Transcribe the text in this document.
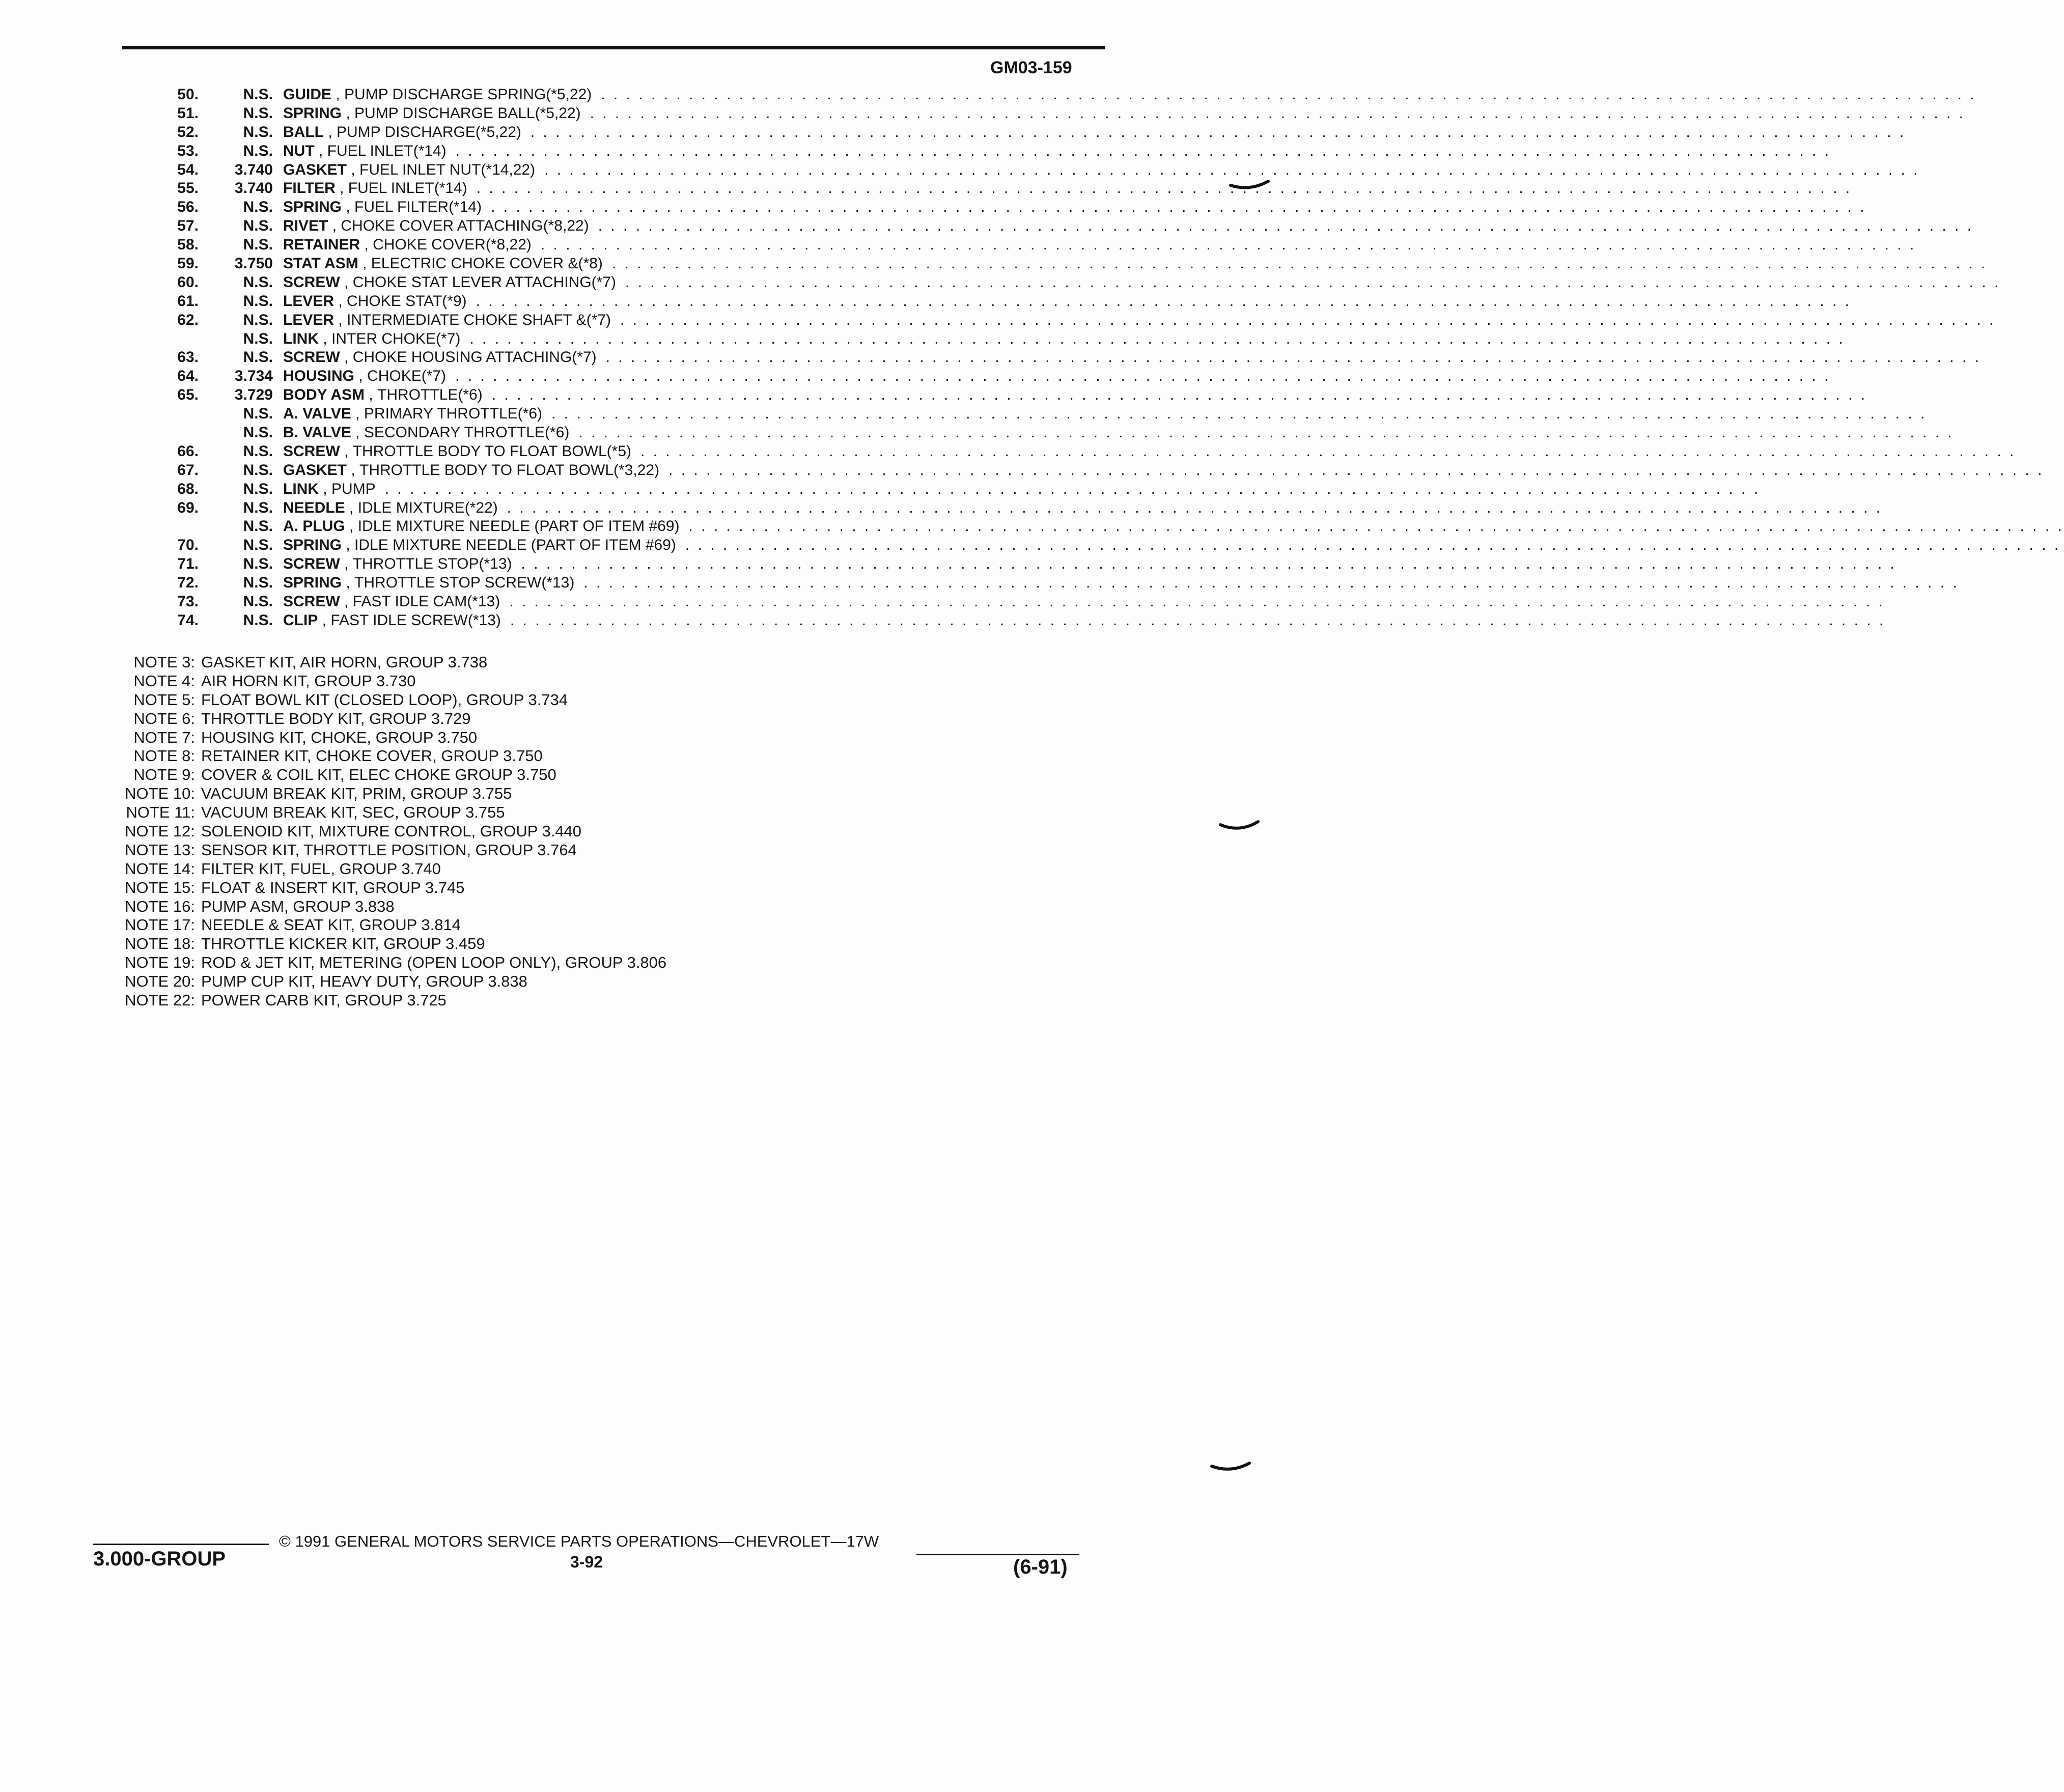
GM03-159
50.	N.S. GUIDE , PUMP DISCHARGE SPRING(*5,22) . . . . . . . . . . . . . . . . . . . . . . . . . . . . . . . . . . . . . . . . . . . . . . . . . . . . . . . . . . . . . . . . . . . . . . . . . . . . . . . . . . . . . . . . . . . . . . . . . . . . . . . . . . . . . .
51.	N.S. SPRING , PUMP DISCHARGE BALL(*5,22) . . . . . . . . . . . . . . . . . . . . . . . . . . . . . . . . . . . . . . . . . . . . . . . . . . . . . . . . . . . . . . . . . . . . . . . . . . . . . . . . . . . . . . . . . . . . . . . . . . . . . . . . . . . . . .
52.	N.S. BALL , PUMP DISCHARGE(*5,22) . . . . . . . . . . . . . . . . . . . . . . . . . . . . . . . . . . . . . . . . . . . . . . . . . . . . . . . . . . . . . . . . . . . . . . . . . . . . . . . . . . . . . . . . . . . . . . . . . . . . . . . . . . . . . .
53.	N.S. NUT , FUEL INLET(*14) . . . . . . . . . . . . . . . . . . . . . . . . . . . . . . . . . . . . . . . . . . . . . . . . . . . . . . . . . . . . . . . . . . . . . . . . . . . . . . . . . . . . . . . . . . . . . . . . . . . . . . . . . . . . . .
54.	3.740 GASKET , FUEL INLET NUT(*14,22) . . . . . . . . . . . . . . . . . . . . . . . . . . . . . . . . . . . . . . . . . . . . . . . . . . . . . . . . . . . . . . . . . . . . . . . . . . . . . . . . . . . . . . . . . . . . . . . . . . . . . . . . . . . . . .
55.	3.740 FILTER , FUEL INLET(*14) . . . . . . . . . . . . . . . . . . . . . . . . . . . . . . . . . . . . . . . . . . . . . . . . . . . . . . . . . . . . . . . . . . . . . . . . . . . . . . . . . . . . . . . . . . . . . . . . . . . . . . . . . . . . . .
56.	N.S. SPRING , FUEL FILTER(*14) . . . . . . . . . . . . . . . . . . . . . . . . . . . . . . . . . . . . . . . . . . . . . . . . . . . . . . . . . . . . . . . . . . . . . . . . . . . . . . . . . . . . . . . . . . . . . . . . . . . . . . . . . . . . . .
57.	N.S. RIVET , CHOKE COVER ATTACHING(*8,22) . . . . . . . . . . . . . . . . . . . . . . . . . . . . . . . . . . . . . . . . . . . . . . . . . . . . . . . . . . . . . . . . . . . . . . . . . . . . . . . . . . . . . . . . . . . . . . . . . . . . . . . . . . . . . .
58.	N.S. RETAINER , CHOKE COVER(*8,22) . . . . . . . . . . . . . . . . . . . . . . . . . . . . . . . . . . . . . . . . . . . . . . . . . . . . . . . . . . . . . . . . . . . . . . . . . . . . . . . . . . . . . . . . . . . . . . . . . . . . . . . . . . . . . .
59.	3.750 STAT ASM , ELECTRIC CHOKE COVER &(*8) . . . . . . . . . . . . . . . . . . . . . . . . . . . . . . . . . . . . . . . . . . . . . . . . . . . . . . . . . . . . . . . . . . . . . . . . . . . . . . . . . . . . . . . . . . . . . . . . . . . . . . . . . . . . . .
60.	N.S. SCREW , CHOKE STAT LEVER ATTACHING(*7) . . . . . . . . . . . . . . . . . . . . . . . . . . . . . . . . . . . . . . . . . . . . . . . . . . . . . . . . . . . . . . . . . . . . . . . . . . . . . . . . . . . . . . . . . . . . . . . . . . . . . . . . . . . . . .
61.	N.S. LEVER , CHOKE STAT(*9) . . . . . . . . . . . . . . . . . . . . . . . . . . . . . . . . . . . . . . . . . . . . . . . . . . . . . . . . . . . . . . . . . . . . . . . . . . . . . . . . . . . . . . . . . . . . . . . . . . . . . . . . . . . . . .
62.	N.S. LEVER , INTERMEDIATE CHOKE SHAFT &(*7) . . . . . . . . . . . . . . . . . . . . . . . . . . . . . . . . . . . . . . . . . . . . . . . . . . . . . . . . . . . . . . . . . . . . . . . . . . . . . . . . . . . . . . . . . . . . . . . . . . . . . . . . . . . . . .
N.S. LINK , INTER CHOKE(*7) . . . . . . . . . . . . . . . . . . . . . . . . . . . . . . . . . . . . . . . . . . . . . . . . . . . . . . . . . . . . . . . . . . . . . . . . . . . . . . . . . . . . . . . . . . . . . . . . . . . . . . . . . . . . . .
63.	N.S. SCREW , CHOKE HOUSING ATTACHING(*7) . . . . . . . . . . . . . . . . . . . . . . . . . . . . . . . . . . . . . . . . . . . . . . . . . . . . . . . . . . . . . . . . . . . . . . . . . . . . . . . . . . . . . . . . . . . . . . . . . . . . . . . . . . . . . .
64.	3.734 HOUSING , CHOKE(*7) . . . . . . . . . . . . . . . . . . . . . . . . . . . . . . . . . . . . . . . . . . . . . . . . . . . . . . . . . . . . . . . . . . . . . . . . . . . . . . . . . . . . . . . . . . . . . . . . . . . . . . . . . . . . . .
65.	3.729 BODY ASM , THROTTLE(*6) . . . . . . . . . . . . . . . . . . . . . . . . . . . . . . . . . . . . . . . . . . . . . . . . . . . . . . . . . . . . . . . . . . . . . . . . . . . . . . . . . . . . . . . . . . . . . . . . . . . . . . . . . . . . . .
N.S. A. VALVE , PRIMARY THROTTLE(*6) . . . . . . . . . . . . . . . . . . . . . . . . . . . . . . . . . . . . . . . . . . . . . . . . . . . . . . . . . . . . . . . . . . . . . . . . . . . . . . . . . . . . . . . . . . . . . . . . . . . . . . . . . . . . . .
N.S. B. VALVE , SECONDARY THROTTLE(*6) . . . . . . . . . . . . . . . . . . . . . . . . . . . . . . . . . . . . . . . . . . . . . . . . . . . . . . . . . . . . . . . . . . . . . . . . . . . . . . . . . . . . . . . . . . . . . . . . . . . . . . . . . . . . . .
66.	N.S. SCREW , THROTTLE BODY TO FLOAT BOWL(*5) . . . . . . . . . . . . . . . . . . . . . . . . . . . . . . . . . . . . . . . . . . . . . . . . . . . . . . . . . . . . . . . . . . . . . . . . . . . . . . . . . . . . . . . . . . . . . . . . . . . . . . . . . . . . . .
67.	N.S. GASKET , THROTTLE BODY TO FLOAT BOWL(*3,22) . . . . . . . . . . . . . . . . . . . . . . . . . . . . . . . . . . . . . . . . . . . . . . . . . . . . . . . . . . . . . . . . . . . . . . . . . . . . . . . . . . . . . . . . . . . . . . . . . . . . . . . . . . . . . .
68.	N.S. LINK , PUMP . . . . . . . . . . . . . . . . . . . . . . . . . . . . . . . . . . . . . . . . . . . . . . . . . . . . . . . . . . . . . . . . . . . . . . . . . . . . . . . . . . . . . . . . . . . . . . . . . . . . . . . . . . . . . .
69.	N.S. NEEDLE , IDLE MIXTURE(*22) . . . . . . . . . . . . . . . . . . . . . . . . . . . . . . . . . . . . . . . . . . . . . . . . . . . . . . . . . . . . . . . . . . . . . . . . . . . . . . . . . . . . . . . . . . . . . . . . . . . . . . . . . . . . . .
N.S. A. PLUG , IDLE MIXTURE NEEDLE (PART OF ITEM #69) . . . . . . . . . . . . . . . . . . . . . . . . . . . . . . . . . . . . . . . . . . . . . . . . . . . . . . . . . . . . . . . . . . . . . . . . . . . . . . . . . . . . . . . . . . . . . . . . . . . . . . . . . . . . . .
70.	N.S. SPRING , IDLE MIXTURE NEEDLE (PART OF ITEM #69) . . . . . . . . . . . . . . . . . . . . . . . . . . . . . . . . . . . . . . . . . . . . . . . . . . . . . . . . . . . . . . . . . . . . . . . . . . . . . . . . . . . . . . . . . . . . . . . . . . . . . . . . . . . . . .
71.	N.S. SCREW , THROTTLE STOP(*13) . . . . . . . . . . . . . . . . . . . . . . . . . . . . . . . . . . . . . . . . . . . . . . . . . . . . . . . . . . . . . . . . . . . . . . . . . . . . . . . . . . . . . . . . . . . . . . . . . . . . . . . . . . . . . .
72.	N.S. SPRING , THROTTLE STOP SCREW(*13) . . . . . . . . . . . . . . . . . . . . . . . . . . . . . . . . . . . . . . . . . . . . . . . . . . . . . . . . . . . . . . . . . . . . . . . . . . . . . . . . . . . . . . . . . . . . . . . . . . . . . . . . . . . . . .
73.	N.S. SCREW , FAST IDLE CAM(*13) . . . . . . . . . . . . . . . . . . . . . . . . . . . . . . . . . . . . . . . . . . . . . . . . . . . . . . . . . . . . . . . . . . . . . . . . . . . . . . . . . . . . . . . . . . . . . . . . . . . . . . . . . . . . . .
74.	N.S. CLIP , FAST IDLE SCREW(*13) . . . . . . . . . . . . . . . . . . . . . . . . . . . . . . . . . . . . . . . . . . . . . . . . . . . . . . . . . . . . . . . . . . . . . . . . . . . . . . . . . . . . . . . . . . . . . . . . . . . . . . . . . . . . . .
NOTE 3: GASKET KIT, AIR HORN, GROUP 3.738
NOTE 4: AIR HORN KIT, GROUP 3.730
NOTE 5: FLOAT BOWL KIT (CLOSED LOOP), GROUP 3.734
NOTE 6: THROTTLE BODY KIT, GROUP 3.729
NOTE 7: HOUSING KIT, CHOKE, GROUP 3.750
NOTE 8: RETAINER KIT, CHOKE COVER, GROUP 3.750
NOTE 9: COVER & COIL KIT, ELEC CHOKE GROUP 3.750
NOTE 10: VACUUM BREAK KIT, PRIM, GROUP 3.755
NOTE 11: VACUUM BREAK KIT, SEC, GROUP 3.755
NOTE 12: SOLENOID KIT, MIXTURE CONTROL, GROUP 3.440
NOTE 13: SENSOR KIT, THROTTLE POSITION, GROUP 3.764
NOTE 14: FILTER KIT, FUEL, GROUP 3.740
NOTE 15: FLOAT & INSERT KIT, GROUP 3.745
NOTE 16: PUMP ASM, GROUP 3.838
NOTE 17: NEEDLE & SEAT KIT, GROUP 3.814
NOTE 18: THROTTLE KICKER KIT, GROUP 3.459
NOTE 19: ROD & JET KIT, METERING (OPEN LOOP ONLY), GROUP 3.806
NOTE 20: PUMP CUP KIT, HEAVY DUTY, GROUP 3.838
NOTE 22: POWER CARB KIT, GROUP 3.725
3.000-GROUP
© 1991 GENERAL MOTORS SERVICE PARTS OPERATIONS—CHEVROLET—17W
3-92	(6-91)
